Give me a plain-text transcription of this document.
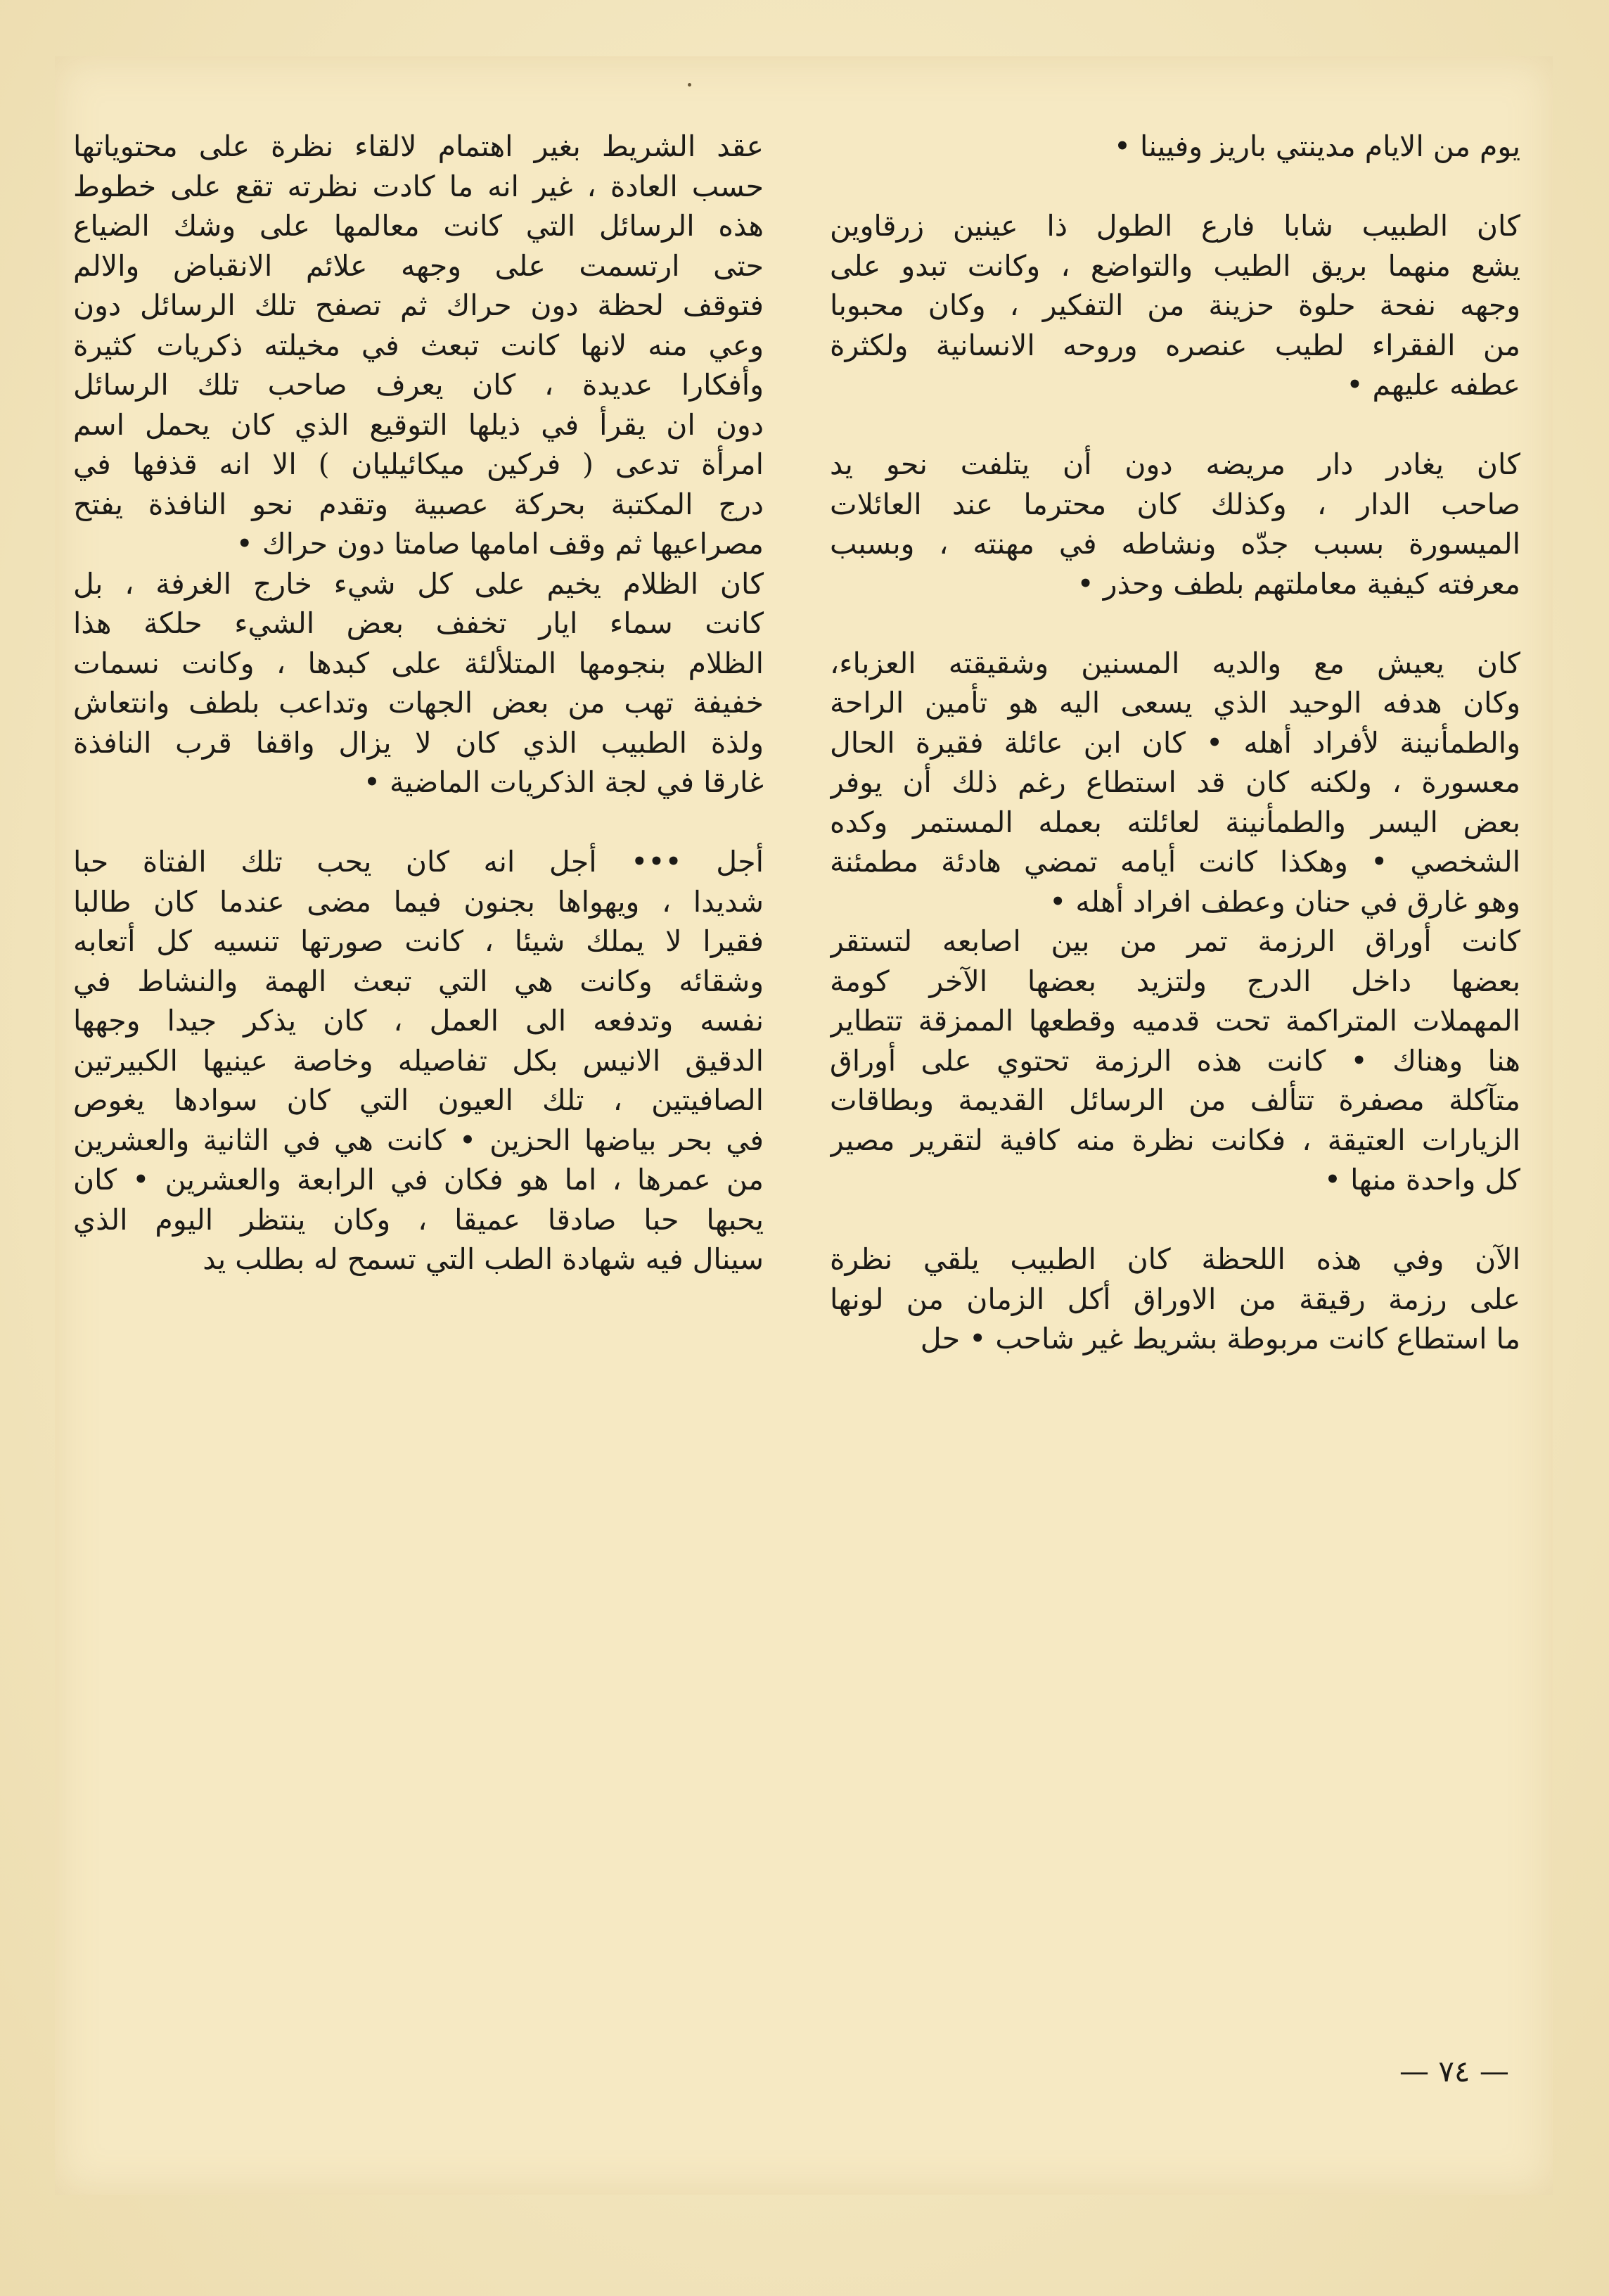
يوم من الايام مدينتي باريز وفيينا •
كان الطبيب شابا فارع الطول ذا عينين زرقاوين
يشع منهما بريق الطيب والتواضع ، وكانت تبدو على
وجهه نفحة حلوة حزينة من التفكير ، وكان محبوبا
من الفقراء لطيب عنصره وروحه الانسانية ولكثرة
عطفه عليهم •
كان يغادر دار مريضه دون أن يتلفت نحو يد
صاحب الدار ، وكذلك كان محترما عند العائلات
الميسورة بسبب جدّه ونشاطه في مهنته ، وبسبب
معرفته كيفية معاملتهم بلطف وحذر •
كان يعيش مع والديه المسنين وشقيقته العزباء،
وكان هدفه الوحيد الذي يسعى اليه هو تأمين الراحة
والطمأنينة لأفراد أهله • كان ابن عائلة فقيرة الحال
معسورة ، ولكنه كان قد استطاع رغم ذلك أن يوفر
بعض اليسر والطمأنينة لعائلته بعمله المستمر وكده
الشخصي • وهكذا كانت أيامه تمضي هادئة مطمئنة
وهو غارق في حنان وعطف افراد أهله •
كانت أوراق الرزمة تمر من بين اصابعه لتستقر
بعضها داخل الدرج ولتزيد بعضها الآخر كومة
المهملات المتراكمة تحت قدميه وقطعها الممزقة تتطاير
هنا وهناك • كانت هذه الرزمة تحتوي على أوراق
متآكلة مصفرة تتألف من الرسائل القديمة وبطاقات
الزيارات العتيقة ، فكانت نظرة منه كافية لتقرير مصير
كل واحدة منها •
الآن وفي هذه اللحظة كان الطبيب يلقي نظرة
على رزمة رقيقة من الاوراق أكل الزمان من لونها
ما استطاع كانت مربوطة بشريط غير شاحب • حل
عقد الشريط بغير اهتمام لالقاء نظرة على محتوياتها
حسب العادة ، غير انه ما كادت نظرته تقع على خطوط
هذه الرسائل التي كانت معالمها على وشك الضياع
حتى ارتسمت على وجهه علائم الانقباض والالم
فتوقف لحظة دون حراك ثم تصفح تلك الرسائل دون
وعي منه لانها كانت تبعث في مخيلته ذكريات كثيرة
وأفكارا عديدة ، كان يعرف صاحب تلك الرسائل
دون ان يقرأ في ذيلها التوقيع الذي كان يحمل اسم
امرأة تدعى ( فركين ميكائيليان ) الا انه قذفها في
درج المكتبة بحركة عصبية وتقدم نحو النافذة يفتح
مصراعيها ثم وقف امامها صامتا دون حراك •
كان الظلام يخيم على كل شيء خارج الغرفة ، بل
كانت سماء ايار تخفف بعض الشيء حلكة هذا
الظلام بنجومها المتلألئة على كبدها ، وكانت نسمات
خفيفة تهب من بعض الجهات وتداعب بلطف وانتعاش
ولذة الطبيب الذي كان لا يزال واقفا قرب النافذة
غارقا في لجة الذكريات الماضية •
أجل ••• أجل انه كان يحب تلك الفتاة حبا
شديدا ، ويهواها بجنون فيما مضى عندما كان طالبا
فقيرا لا يملك شيئا ، كانت صورتها تنسيه كل أتعابه
وشقائه وكانت هي التي تبعث الهمة والنشاط في
نفسه وتدفعه الى العمل ، كان يذكر جيدا وجهها
الدقيق الانيس بكل تفاصيله وخاصة عينيها الكبيرتين
الصافيتين ، تلك العيون التي كان سوادها يغوص
في بحر بياضها الحزين • كانت هي في الثانية والعشرين
من عمرها ، اما هو فكان في الرابعة والعشرين • كان
يحبها حبا صادقا عميقا ، وكان ينتظر اليوم الذي
سينال فيه شهادة الطب التي تسمح له بطلب يد
— ٧٤ —
